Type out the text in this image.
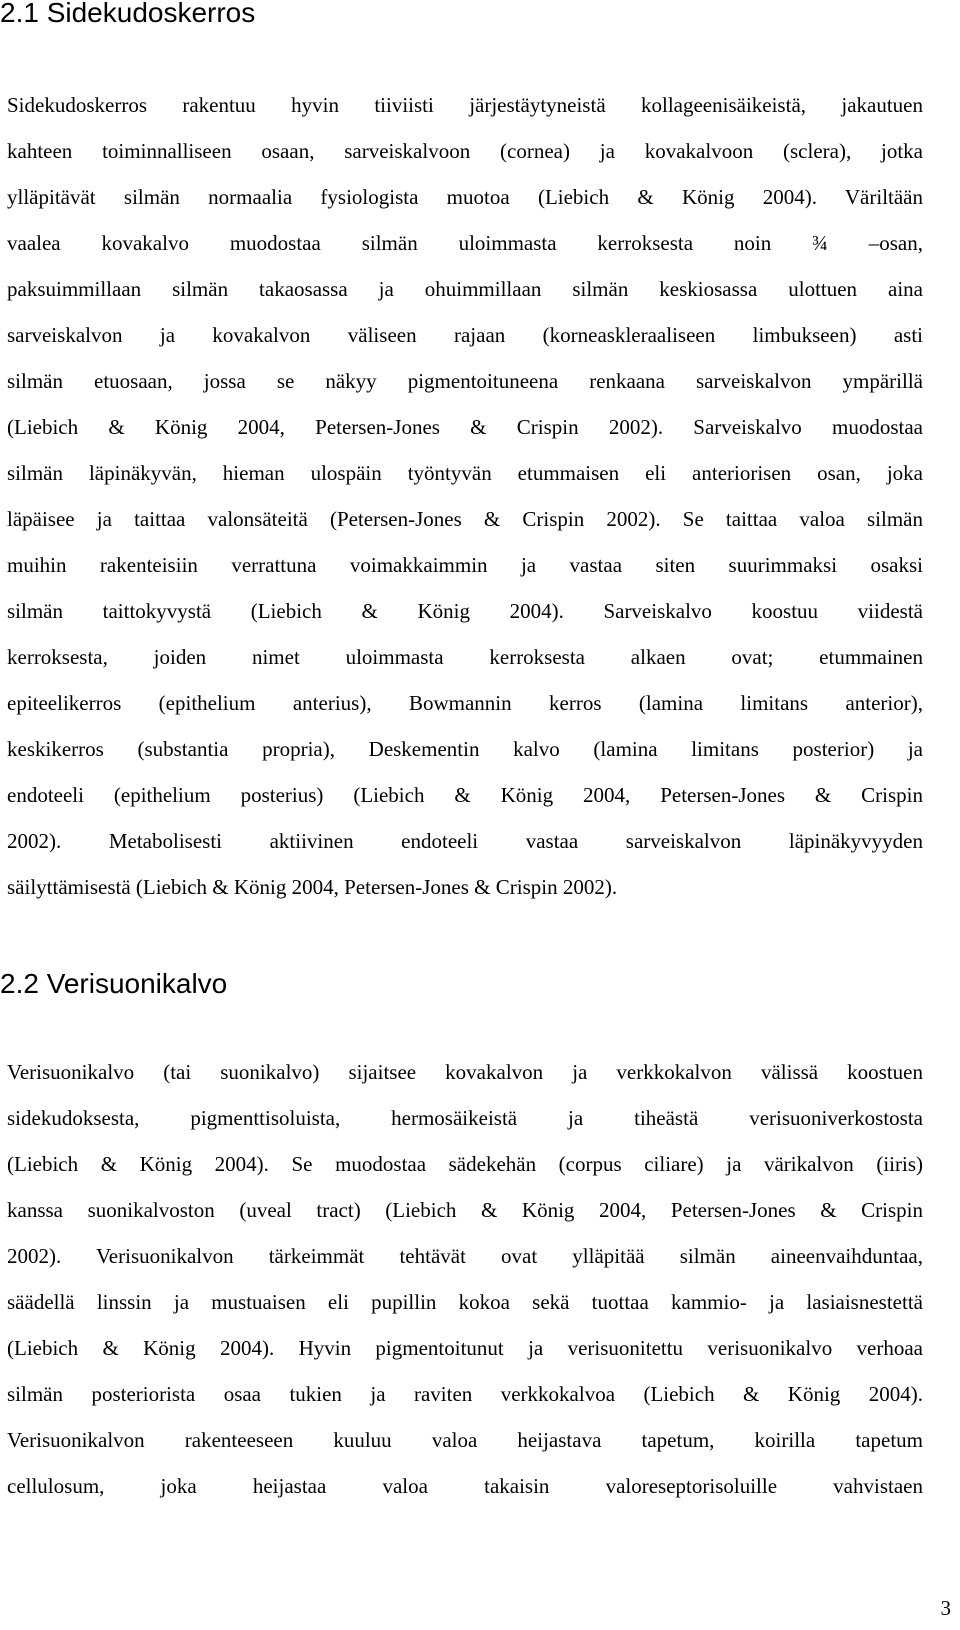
2.1 Sidekudoskerros
Sidekudoskerros rakentuu hyvin tiiviisti järjestäytyneistä kollageenisäikeistä, jakautuen
kahteen toiminnalliseen osaan, sarveiskalvoon (cornea) ja kovakalvoon (sclera), jotka
ylläpitävät silmän normaalia fysiologista muotoa (Liebich & König 2004). Väriltään
vaalea kovakalvo muodostaa silmän uloimmasta kerroksesta noin ¾ –osan,
paksuimmillaan silmän takaosassa ja ohuimmillaan silmän keskiosassa ulottuen aina
sarveiskalvon ja kovakalvon väliseen rajaan (korneaskleraaliseen limbukseen) asti
silmän etuosaan, jossa se näkyy pigmentoituneena renkaana sarveiskalvon ympärillä
(Liebich & König 2004, Petersen-Jones & Crispin 2002). Sarveiskalvo muodostaa
silmän läpinäkyvän, hieman ulospäin työntyvän etummaisen eli anteriorisen osan, joka
läpäisee ja taittaa valonsäteitä (Petersen-Jones & Crispin 2002). Se taittaa valoa silmän
muihin rakenteisiin verrattuna voimakkaimmin ja vastaa siten suurimmaksi osaksi
silmän taittokyvystä (Liebich & König 2004). Sarveiskalvo koostuu viidestä
kerroksesta, joiden nimet uloimmasta kerroksesta alkaen ovat; etummainen
epiteelikerros (epithelium anterius), Bowmannin kerros (lamina limitans anterior),
keskikerros (substantia propria), Deskementin kalvo (lamina limitans posterior) ja
endoteeli (epithelium posterius) (Liebich & König 2004, Petersen-Jones & Crispin
2002). Metabolisesti aktiivinen endoteeli vastaa sarveiskalvon läpinäkyvyyden
säilyttämisestä (Liebich & König 2004, Petersen-Jones & Crispin 2002).
2.2 Verisuonikalvo
Verisuonikalvo (tai suonikalvo) sijaitsee kovakalvon ja verkkokalvon välissä koostuen
sidekudoksesta, pigmenttisoluista, hermosäikeistä ja tiheästä verisuoniverkostosta
(Liebich & König 2004). Se muodostaa sädekehän (corpus ciliare) ja värikalvon (iiris)
kanssa suonikalvoston (uveal tract) (Liebich & König 2004, Petersen-Jones & Crispin
2002). Verisuonikalvon tärkeimmät tehtävät ovat ylläpitää silmän aineenvaihduntaa,
säädellä linssin ja mustuaisen eli pupillin kokoa sekä tuottaa kammio- ja lasiaisnestettä
(Liebich & König 2004). Hyvin pigmentoitunut ja verisuonitettu verisuonikalvo verhoaa
silmän posteriorista osaa tukien ja raviten verkkokalvoa (Liebich & König 2004).
Verisuonikalvon rakenteeseen kuuluu valoa heijastava tapetum, koirilla tapetum
cellulosum, joka heijastaa valoa takaisin valoreseptorisoluille vahvistaen
3
